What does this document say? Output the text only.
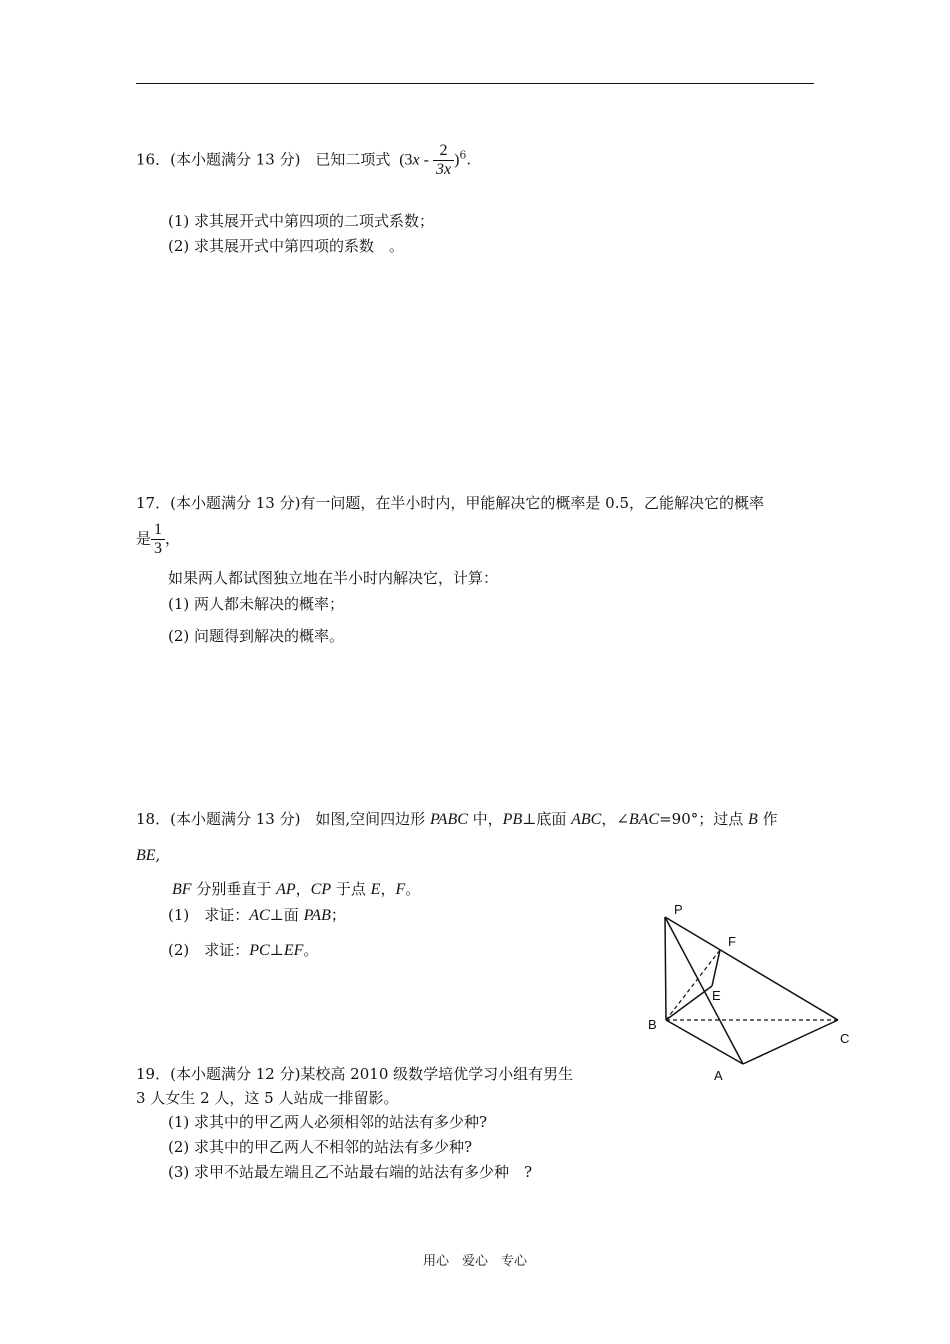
16．(本小题满分 13 分)　已知二项式 $(3x - \frac{2}{3x} )^6$.
(1) 求其展开式中第四项的二项式系数；
(2) 求其展开式中第四项的系数　。
17．(本小题满分 13 分)有一问题，在半小时内，甲能解决它的概率是 0.5，乙能解决它的概率
是 $\frac{1}{3}$ ，
如果两人都试图独立地在半小时内解决它，计算：
(1) 两人都未解决的概率；
(2) 问题得到解决的概率。
18．(本小题满分 13 分)　如图,空间四边形 PABC 中，PB⊥底面 ABC，∠BAC=90°；过点 B 作
BE,
BF 分别垂直于 AP，CP 于点 E，F。
(1)　求证：AC⊥面 PAB；
(2)　求证：PC⊥EF。
P
F
E
B
C
A
19．(本小题满分 12 分)某校高 2010 级数学培优学习小组有男生
3 人女生 2 人，这 5 人站成一排留影。
(1) 求其中的甲乙两人必须相邻的站法有多少种?
(2) 求其中的甲乙两人不相邻的站法有多少种?
(3) 求甲不站最左端且乙不站最右端的站法有多少种　?
用心　爱心　专心
